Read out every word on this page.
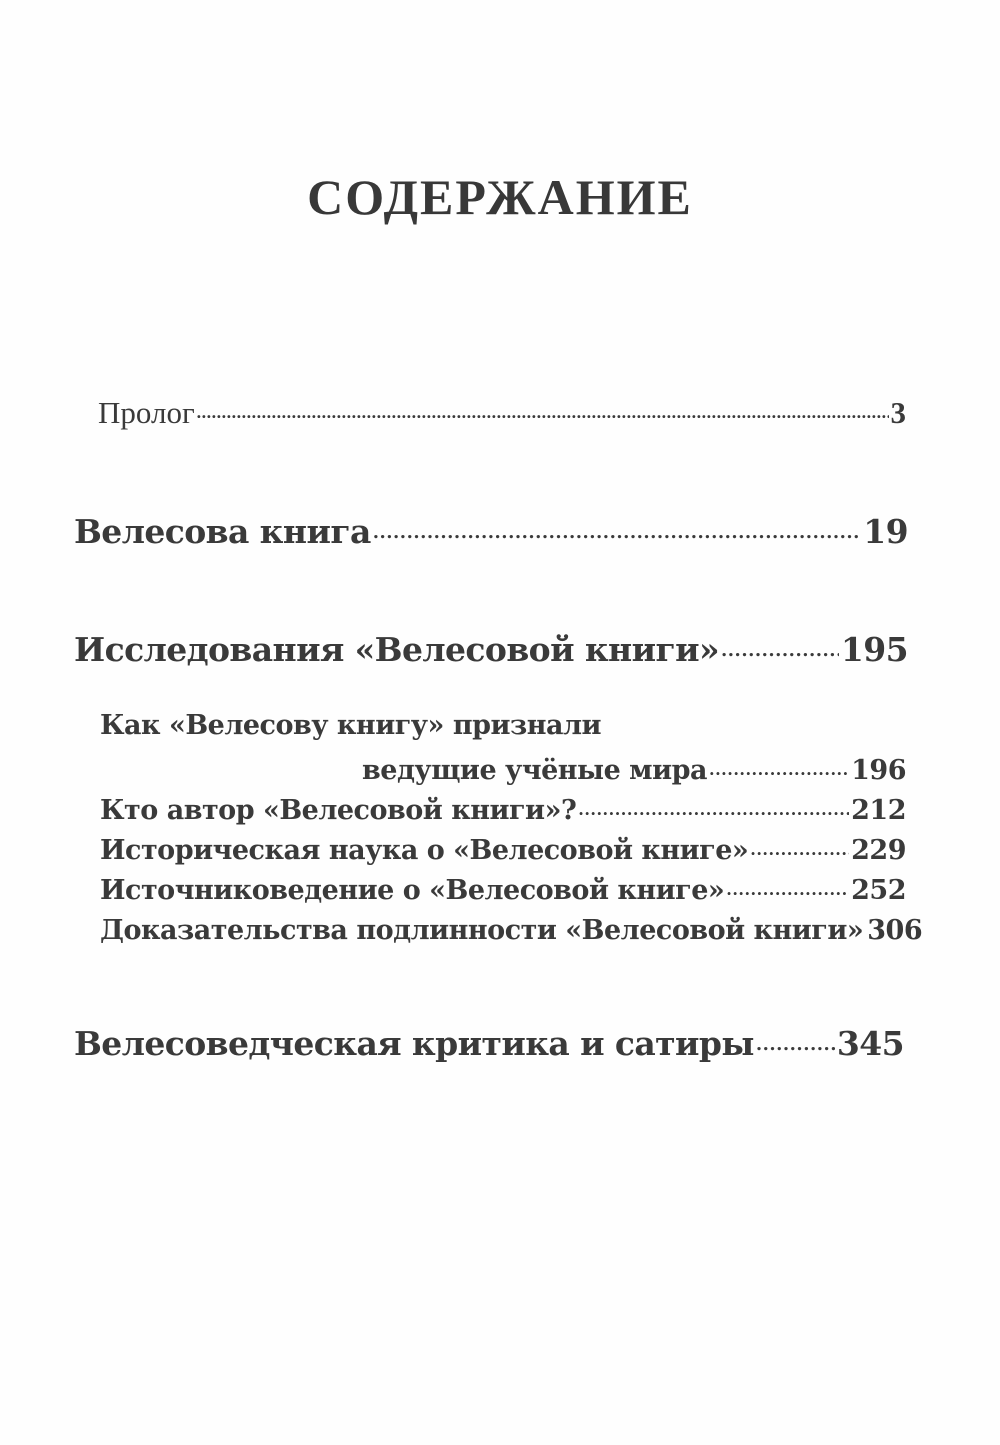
СОДЕРЖАНИЕ
Пролог .....	3
Велесова книга .....	19
Исследования «Велесовой книги» .....	195
Как «Велесову книгу» признали
ведущие учёные мира .....	196
Кто автор «Велесовой книги»? .....	212
Историческая наука о «Велесовой книге» .....	229
Источниковедение о «Велесовой книге» .....	252
Доказательства подлинности «Велесовой книги» 306
Велесоведческая критика и сатиры .....	345
